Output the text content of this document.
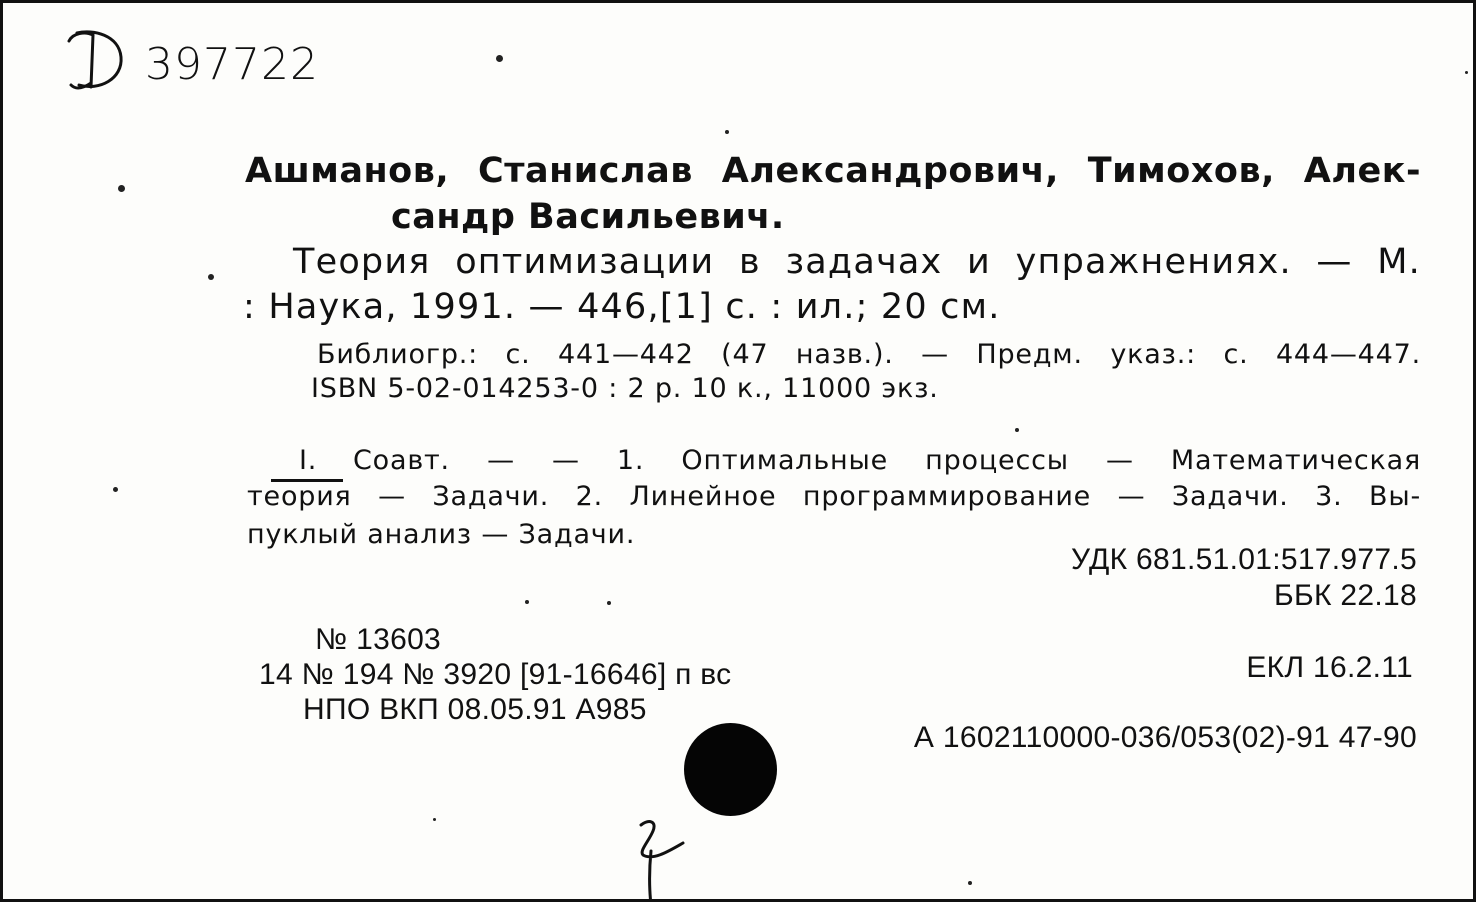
397722
Ашманов, Станислав Александрович, Тимохов, Алек-
сандр Васильевич.
Теория оптимизации в задачах и упражнениях. — М.
: Наука, 1991. — 446,[1] с. : ил.; 20 см.
Библиогр.: с. 441—442 (47 назв.). — Предм. указ.: с. 444—447.
ISBN 5-02-014253-0 : 2 р. 10 к., 11000 экз.
I. Соавт. — — 1. Оптимальные процессы — Математическая
теория — Задачи. 2. Линейное программирование — Задачи. 3. Вы-
пуклый анализ — Задачи.
УДК 681.51.01:517.977.5
ББК 22.18
ЕКЛ 16.2.11
А 1602110000-036/053(02)-91 47-90
№ 13603
14 № 194 № 3920 [91-16646] п вс
НПО ВКП 08.05.91 А985
